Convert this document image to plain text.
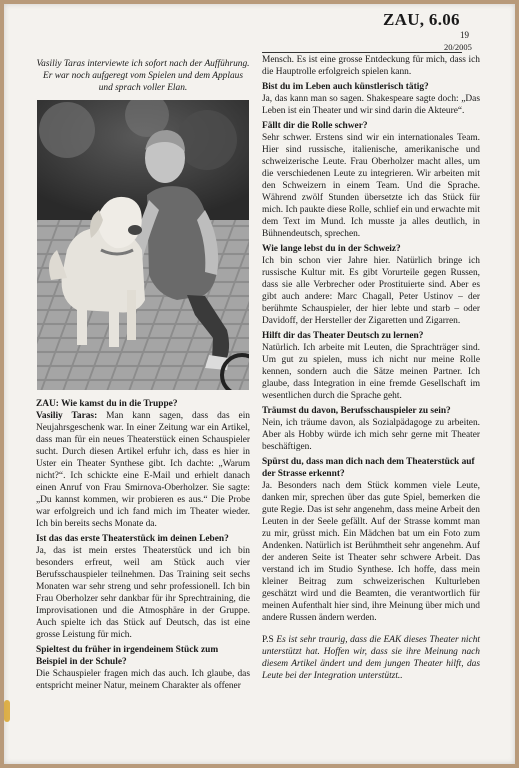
ZAU, 6.06
19
20/2005

Vasiliy Taras interviewte ich sofort nach der Aufführung. Er war noch aufgeregt vom Spielen und dem Applaus und sprach voller Elan.

ZAU: Wie kamst du in die Truppe?

Vasiliy Taras: Man kann sagen, dass das ein Neujahrsgeschenk war. In einer Zeitung war ein Artikel, dass man für ein neues Theaterstück einen Schauspieler sucht. Durch diesen Artikel erfuhr ich, dass es hier in Uster ein Theater Synthese gibt. Ich dachte: „Warum nicht?“. Ich schickte eine E-Mail und erhielt danach einen Anruf von Frau Smirnova-Oberholzer. Sie sagte: „Du kannst kommen, wir probieren es aus.“ Die Probe war erfolgreich und ich fand mich im Theater wieder. Ich bin bereits sechs Monate da.

Ist das das erste Theaterstück im deinen Leben?

Ja, das ist mein erstes Theaterstück und ich bin besonders erfreut, weil am Stück auch vier Berufsschauspieler teilnehmen. Das Training seit sechs Monaten war sehr streng und sehr professionell. Ich bin Frau Oberholzer sehr dankbar für ihr Sprechtraining, die Improvisationen und die Atmosphäre in der Gruppe. Auch spielte ich das Stück auf Deutsch, das ist eine grosse Leistung für mich.

Spieltest du früher in irgendeinem Stück zum Beispiel in der Schule?

Die Schauspieler fragen mich das auch. Ich glaube, das entspricht meiner Natur, meinem Charakter als offener

Mensch. Es ist eine grosse Entdeckung für mich, dass ich die Hauptrolle erfolgreich spielen kann.

Bist du im Leben auch künstlerisch tätig?

Ja, das kann man so sagen. Shakespeare sagte doch: „Das Leben ist ein Theater und wir sind darin die Akteure“.

Fällt dir die Rolle schwer?

Sehr schwer. Erstens sind wir ein internationales Team. Hier sind russische, italienische, amerikanische und schweizerische Leute. Frau Oberholzer macht alles, um die verschiedenen Leute zu integrieren. Wir arbeiten mit den Schweizern in einem Team. Und die Sprache. Während zwölf Stunden übersetzte ich das Stück für mich. Ich paukte diese Rolle, schlief ein und erwachte mit dem Text im Mund. Ich musste ja alles deutlich, in Bühnendeutsch, sprechen.

Wie lange lebst du in der Schweiz?

Ich bin schon vier Jahre hier. Natürlich bringe ich russische Kultur mit. Es gibt Vorurteile gegen Russen, dass sie alle Verbrecher oder Prostituierte sind. Aber es gibt auch andere: Marc Chagall, Peter Ustinov – der berühmte Schauspieler, der hier lebte und starb – oder Davidoff, der Hersteller der Zigaretten und Zigarren.

Hilft dir das Theater Deutsch zu lernen?

Natürlich. Ich arbeite mit Leuten, die Sprachträger sind. Um gut zu spielen, muss ich nicht nur meine Rolle kennen, sondern auch die Sätze meinen Partner. Ich glaube, dass Integration in eine fremde Gesellschaft im wesentlichen durch die Sprache geht.

Träumst du davon, Berufsschauspieler zu sein?

Nein, ich träume davon, als Sozialpädagoge zu arbeiten. Aber als Hobby würde ich mich sehr gerne mit Theater beschäftigen.

Spürst du, dass man dich nach dem Theaterstück auf der Strasse erkennt?

Ja. Besonders nach dem Stück kommen viele Leute, danken mir, sprechen über das gute Spiel, bemerken die gute Regie. Das ist sehr angenehm, dass meine Arbeit den Leuten in der Seele gefällt. Auf der Strasse kommt man zu mir, grüsst mich. Ein Mädchen bat um ein Foto zum Andenken. Natürlich ist Berühmtheit sehr angenehm. Auf der anderen Seite ist Theater sehr schwere Arbeit. Das verstand ich im Studio Synthese. Ich hoffe, dass mein kleiner Beitrag zum schweizerischen Kulturleben geschätzt wird und die Beamten, die verantwortlich für meinen Aufenthalt hier sind, ihre Meinung über mich und andere Russen ändern werden.

P.S Es ist sehr traurig, dass die EAK dieses Theater nicht unterstützt hat. Hoffen wir, dass sie ihre Meinung nach diesem Artikel ändert und dem jungen Theater hilft, das Leute bei der Integration unterstützt..
